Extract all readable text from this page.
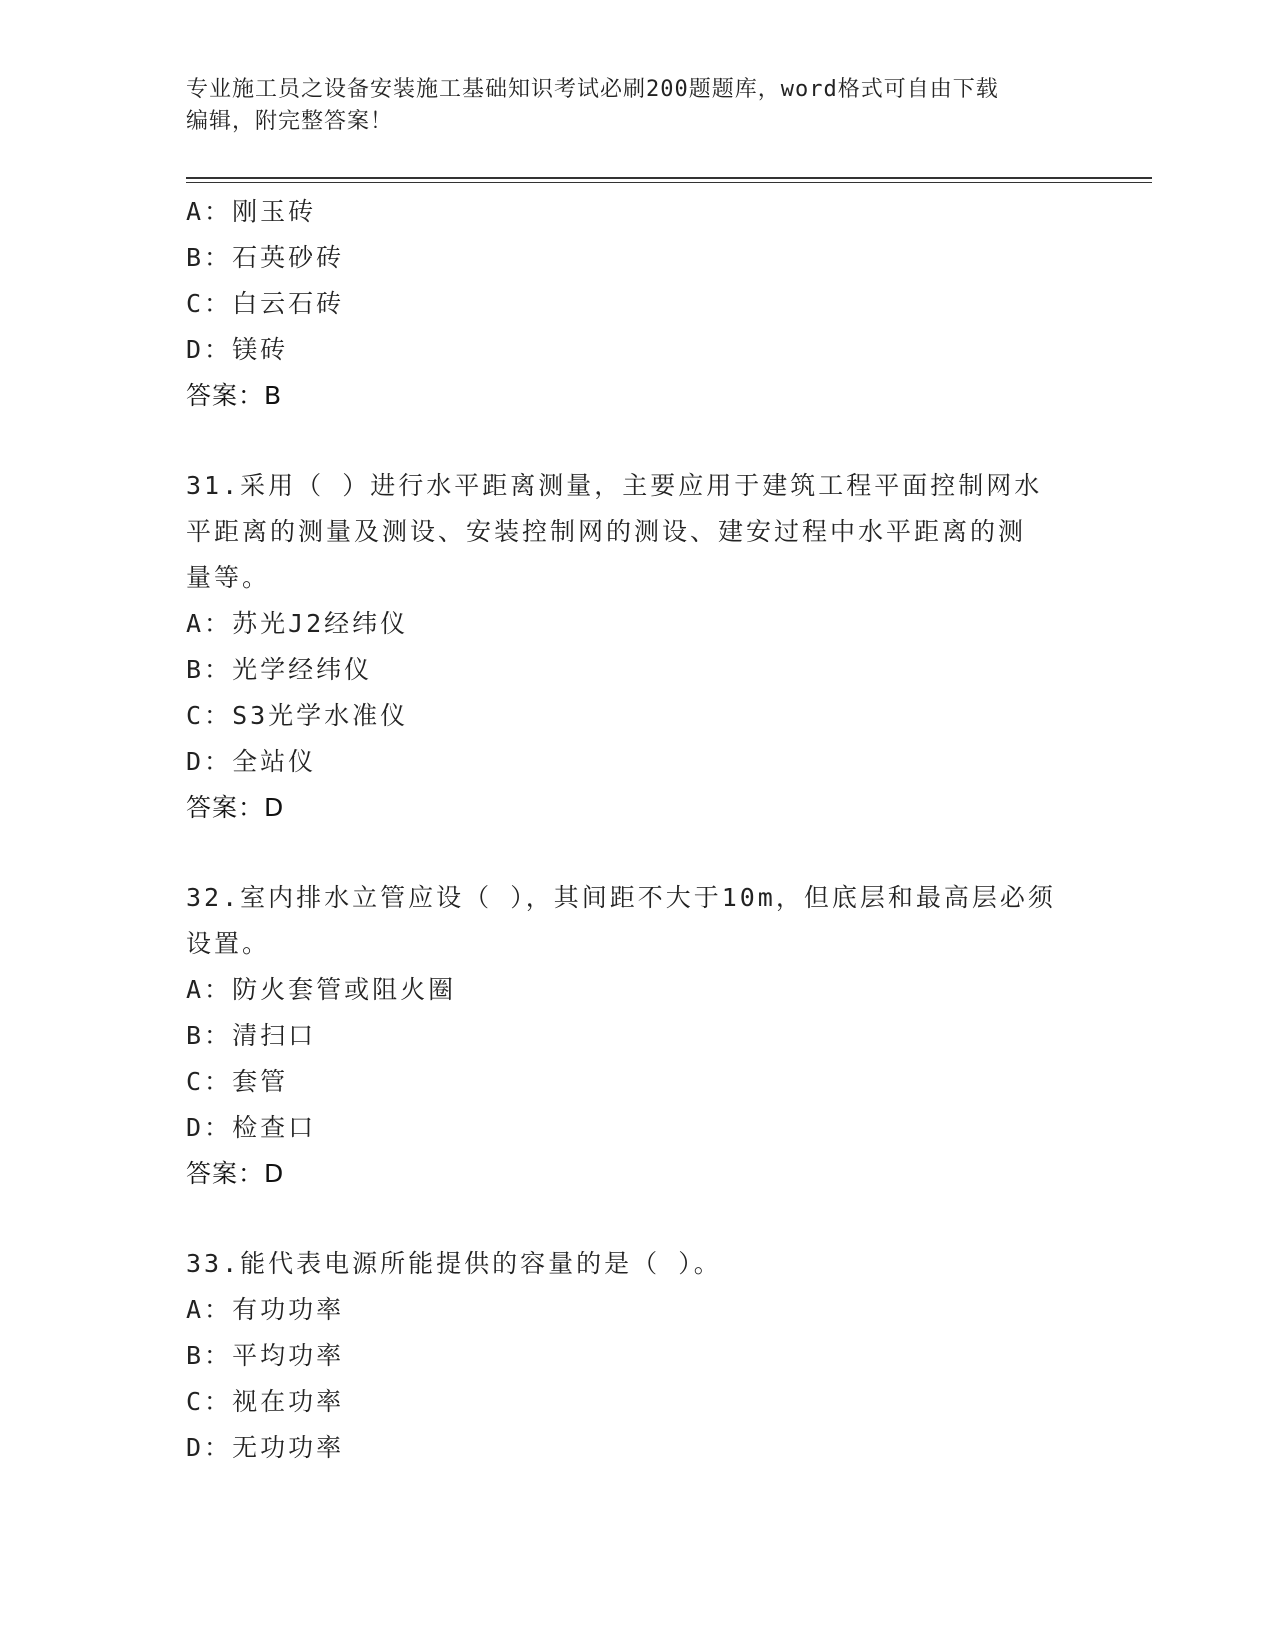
专业施工员之设备安装施工基础知识考试必刷200题题库，word格式可自由下载
编辑，附完整答案！
A：刚玉砖
B：石英砂砖
C：白云石砖
D：镁砖
答案：B
31.采用（ ）进行水平距离测量，主要应用于建筑工程平面控制网水
平距离的测量及测设、安装控制网的测设、建安过程中水平距离的测
量等。
A：苏光J2经纬仪
B：光学经纬仪
C：S3光学水准仪
D：全站仪
答案：D
32.室内排水立管应设（ ），其间距不大于10m，但底层和最高层必须
设置。
A：防火套管或阻火圈
B：清扫口
C：套管
D：检查口
答案：D
33.能代表电源所能提供的容量的是（ ）。
A：有功功率
B：平均功率
C：视在功率
D：无功功率
